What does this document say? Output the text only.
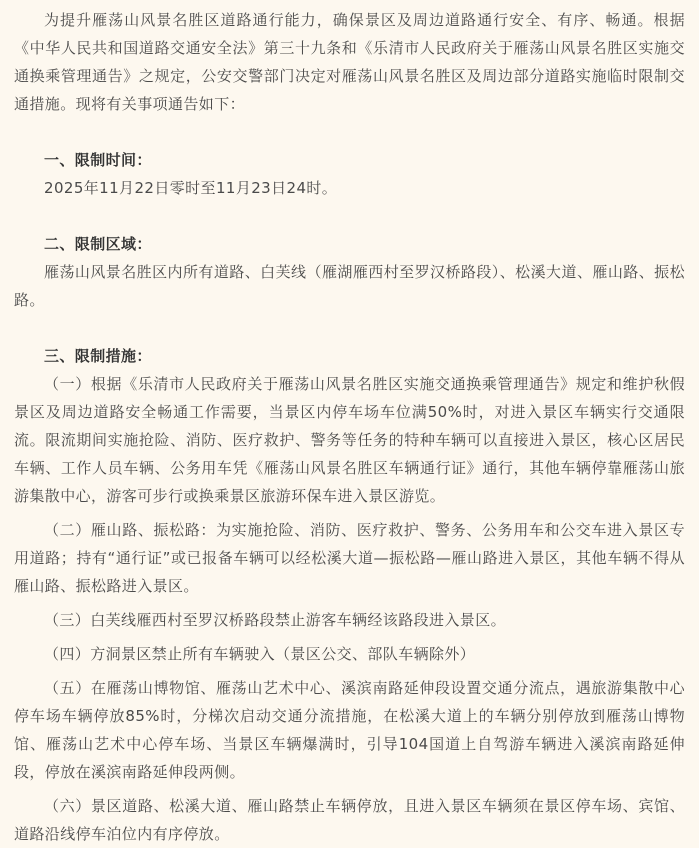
为提升雁荡山风景名胜区道路通行能力，确保景区及周边道路通行安全、有序、畅通。根据《中华人民共和国道路交通安全法》第三十九条和《乐清市人民政府关于雁荡山风景名胜区实施交通换乘管理通告》之规定，公安交警部门决定对雁荡山风景名胜区及周边部分道路实施临时限制交通措施。现将有关事项通告如下：

一、限制时间：

2025年11月22日零时至11月23日24时。

二、限制区域：

雁荡山风景名胜区内所有道路、白芙线（雁湖雁西村至罗汉桥路段）、松溪大道、雁山路、振松路。

三、限制措施：

（一）根据《乐清市人民政府关于雁荡山风景名胜区实施交通换乘管理通告》规定和维护秋假景区及周边道路安全畅通工作需要，当景区内停车场车位满50%时，对进入景区车辆实行交通限流。限流期间实施抢险、消防、医疗救护、警务等任务的特种车辆可以直接进入景区，核心区居民车辆、工作人员车辆、公务用车凭《雁荡山风景名胜区车辆通行证》通行，其他车辆停靠雁荡山旅游集散中心，游客可步行或换乘景区旅游环保车进入景区游览。

（二）雁山路、振松路：为实施抢险、消防、医疗救护、警务、公务用车和公交车进入景区专用道路；持有“通行证”或已报备车辆可以经松溪大道—振松路—雁山路进入景区，其他车辆不得从雁山路、振松路进入景区。

（三）白芙线雁西村至罗汉桥路段禁止游客车辆经该路段进入景区。

（四）方洞景区禁止所有车辆驶入（景区公交、部队车辆除外）

（五）在雁荡山博物馆、雁荡山艺术中心、溪滨南路延伸段设置交通分流点，遇旅游集散中心停车场车辆停放85%时，分梯次启动交通分流措施，在松溪大道上的车辆分别停放到雁荡山博物馆、雁荡山艺术中心停车场、当景区车辆爆满时，引导104国道上自驾游车辆进入溪滨南路延伸段，停放在溪滨南路延伸段两侧。

（六）景区道路、松溪大道、雁山路禁止车辆停放，且进入景区车辆须在景区停车场、宾馆、道路沿线停车泊位内有序停放。
